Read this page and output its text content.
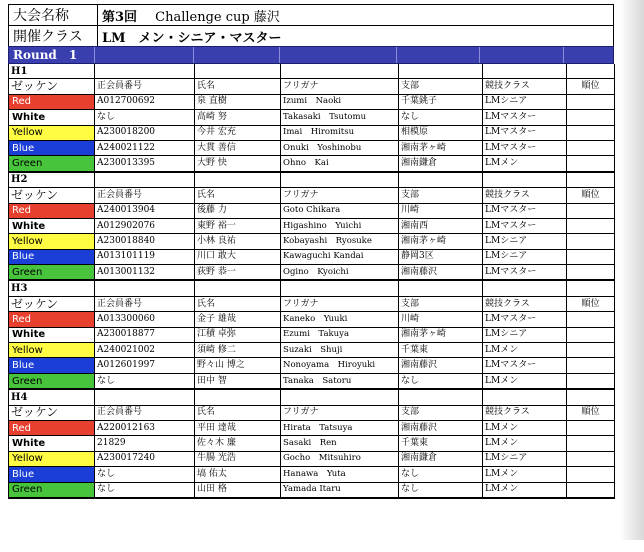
大会名称	第3回 Challenge cup 藤沢
開催クラス	LM　メン・シニア・マスター
Round　1
H1						
ゼッケン	正会員番号	氏名	フリガナ	支部	競技クラス	順位
Red	A012700692	泉 直樹	Izumi　Naoki	千葉銚子	LMシニア	
White	なし	高崎 努	Takasaki　Tsutomu	なし	LMマスター	
Yellow	A230018200	今井 宏充	Imai　Hiromitsu	相模原	LMマスター	
Blue	A240021122	大貫 善信	Onuki　Yoshinobu	湘南茅ヶ崎	LMマスター	
Green	A230013395	大野 快	Ohno　Kai	湘南鎌倉	LMメン	
H2						
ゼッケン	正会員番号	氏名	フリガナ	支部	競技クラス	順位
Red	A240013904	後藤 力	Goto Chikara	川崎	LMマスター	
White	A012902076	東野 裕一	Higashino　Yuichi	湘南西	LMマスター	
Yellow	A230018840	小林 良祐	Kobayashi　Ryosuke	湘南茅ヶ崎	LMシニア	
Blue	A013101119	川口 敢大	Kawaguchi Kandai	静岡3区	LMシニア	
Green	A013001132	荻野 恭一	Ogino　Kyoichi	湘南藤沢	LMマスター	
H3						
ゼッケン	正会員番号	氏名	フリガナ	支部	競技クラス	順位
Red	A013300060	金子 雄哉	Kaneko　Yuuki	川崎	LMマスター	
White	A230018877	江積 卓弥	Ezumi　Takuya	湘南茅ヶ崎	LMシニア	
Yellow	A240021002	須崎 修二	Suzaki　Shuji	千葉東	LMメン	
Blue	A012601997	野々山 博之	Nonoyama　Hiroyuki	湘南藤沢	LMマスター	
Green	なし	田中 智	Tanaka　Satoru	なし	LMメン	
H4						
ゼッケン	正会員番号	氏名	フリガナ	支部	競技クラス	順位
Red	A220012163	平田 達哉	Hirata　Tatsuya	湘南藤沢	LMメン	
White	21829	佐々木 廉	Sasaki　Ren	千葉東	LMメン	
Yellow	A230017240	牛腸 光浩	Gocho　Mitsuhiro	湘南鎌倉	LMシニア	
Blue	なし	塙 佑太	Hanawa　Yuta	なし	LMメン	
Green	なし	山田 格	Yamada Itaru	なし	LMメン	
